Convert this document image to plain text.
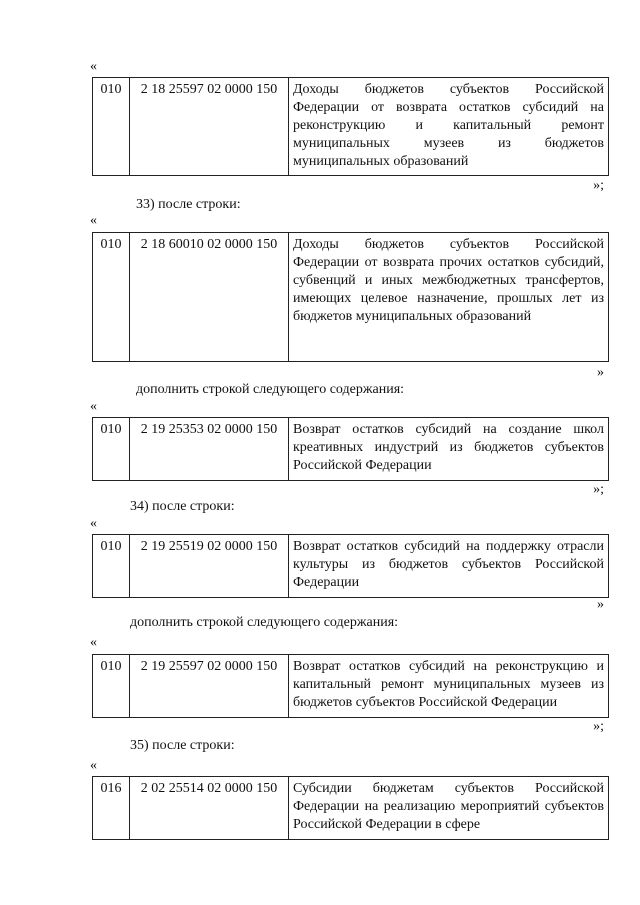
«
010	2 18 25597 02 0000 150	Доходы бюджетов субъектов Российской Федерации от возврата остатков субсидий на реконструкцию и капитальный ремонт муниципальных музеев из бюджетов муниципальных образований
»;
33) после строки:
«
010	2 18 60010 02 0000 150	Доходы бюджетов субъектов Российской Федерации от возврата прочих остатков субсидий, субвенций и иных межбюджетных трансфертов, имеющих целевое назначение, прошлых лет из бюджетов муниципальных образований
»
дополнить строкой следующего содержания:
«
010	2 19 25353 02 0000 150	Возврат остатков субсидий на создание школ креативных индустрий из бюджетов субъектов Российской Федерации
»;
34) после строки:
«
010	2 19 25519 02 0000 150	Возврат остатков субсидий на поддержку отрасли культуры из бюджетов субъектов Российской Федерации
»
дополнить строкой следующего содержания:
«
010	2 19 25597 02 0000 150	Возврат остатков субсидий на реконструкцию и капитальный ремонт муниципальных музеев из бюджетов субъектов Российской Федерации
»;
35) после строки:
«
016	2 02 25514 02 0000 150	Субсидии бюджетам субъектов Российской Федерации на реализацию мероприятий субъектов Российской Федерации в сфере
